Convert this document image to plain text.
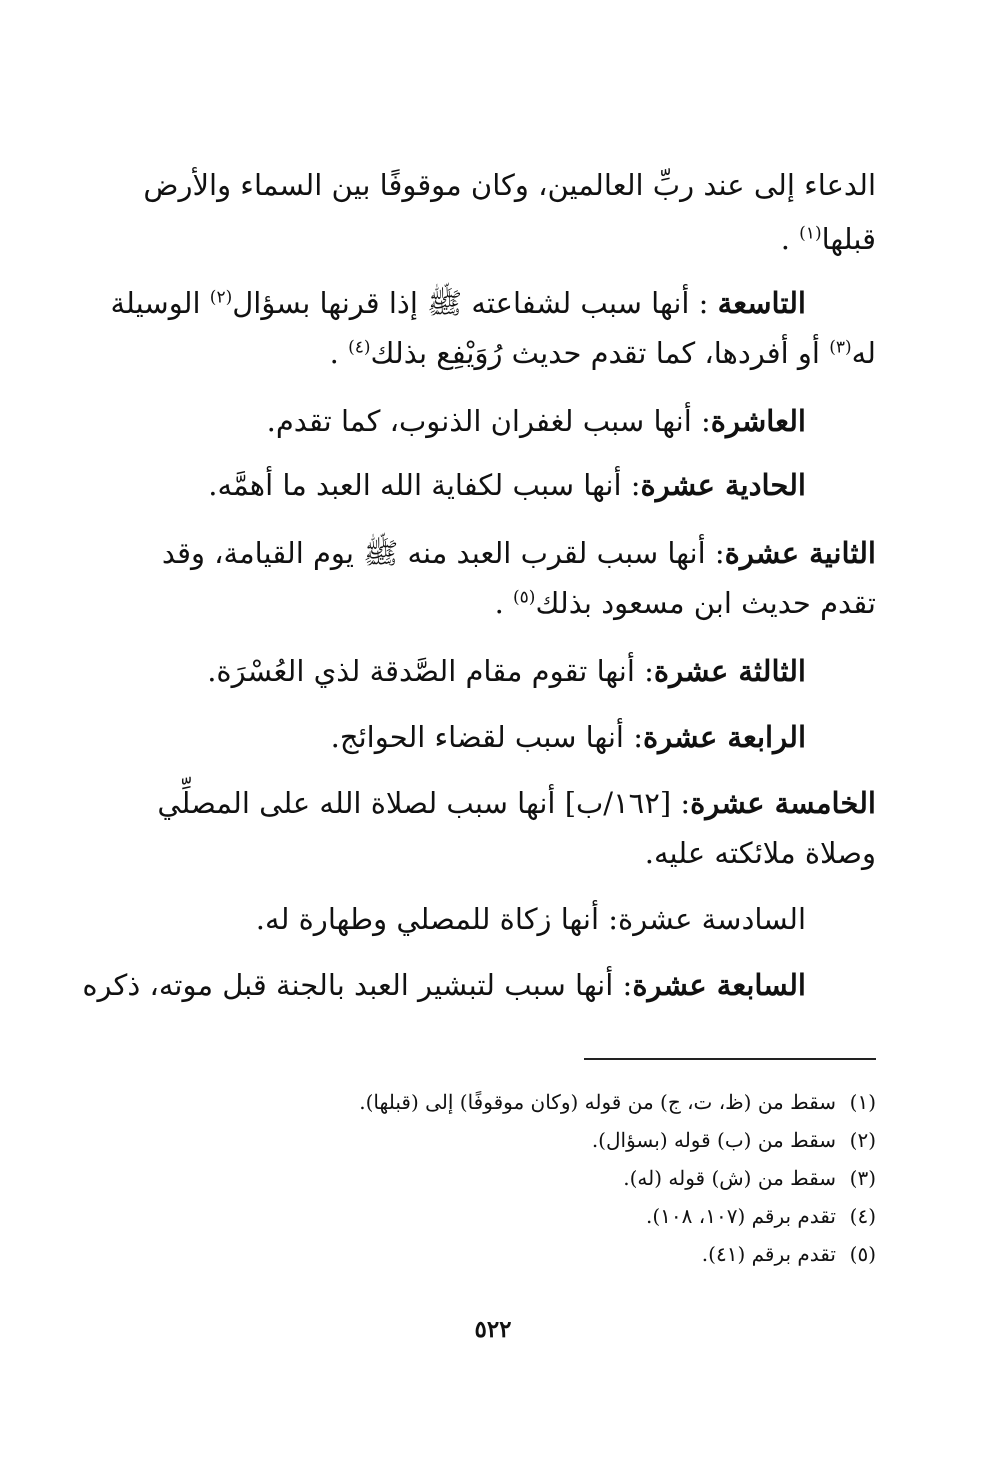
الدعاء إلى عند ربِّ العالمين، وكان موقوفًا بين السماء والأرض
قبلها$^{(١)}$ .
التاسعة : أنها سبب لشفاعته ﷺ إذا قرنها بسؤال$^{(٢)}$ الوسيلة
له$^{(٣)}$ أو أفردها، كما تقدم حديث رُوَيْفِع بذلك$^{(٤)}$ .
العاشرة: أنها سبب لغفران الذنوب، كما تقدم.
الحادية عشرة: أنها سبب لكفاية الله العبد ما أهمَّه.
الثانية عشرة: أنها سبب لقرب العبد منه ﷺ يوم القيامة، وقد
تقدم حديث ابن مسعود بذلك$^{(٥)}$ .
الثالثة عشرة: أنها تقوم مقام الصَّدقة لذي العُسْرَة.
الرابعة عشرة: أنها سبب لقضاء الحوائج.
الخامسة عشرة: [١٦٢/ب] أنها سبب لصلاة الله على المصلِّي
وصلاة ملائكته عليه.
السادسة عشرة: أنها زكاة للمصلي وطهارة له.
السابعة عشرة: أنها سبب لتبشير العبد بالجنة قبل موته، ذكره
(١)سقط من (ظ، ت، ج) من قوله (وكان موقوفًا) إلى (قبلها).
(٢)سقط من (ب) قوله (بسؤال).
(٣)سقط من (ش) قوله (له).
(٤)تقدم برقم (١٠٧، ١٠٨).
(٥)تقدم برقم (٤١).
٥٢٢
